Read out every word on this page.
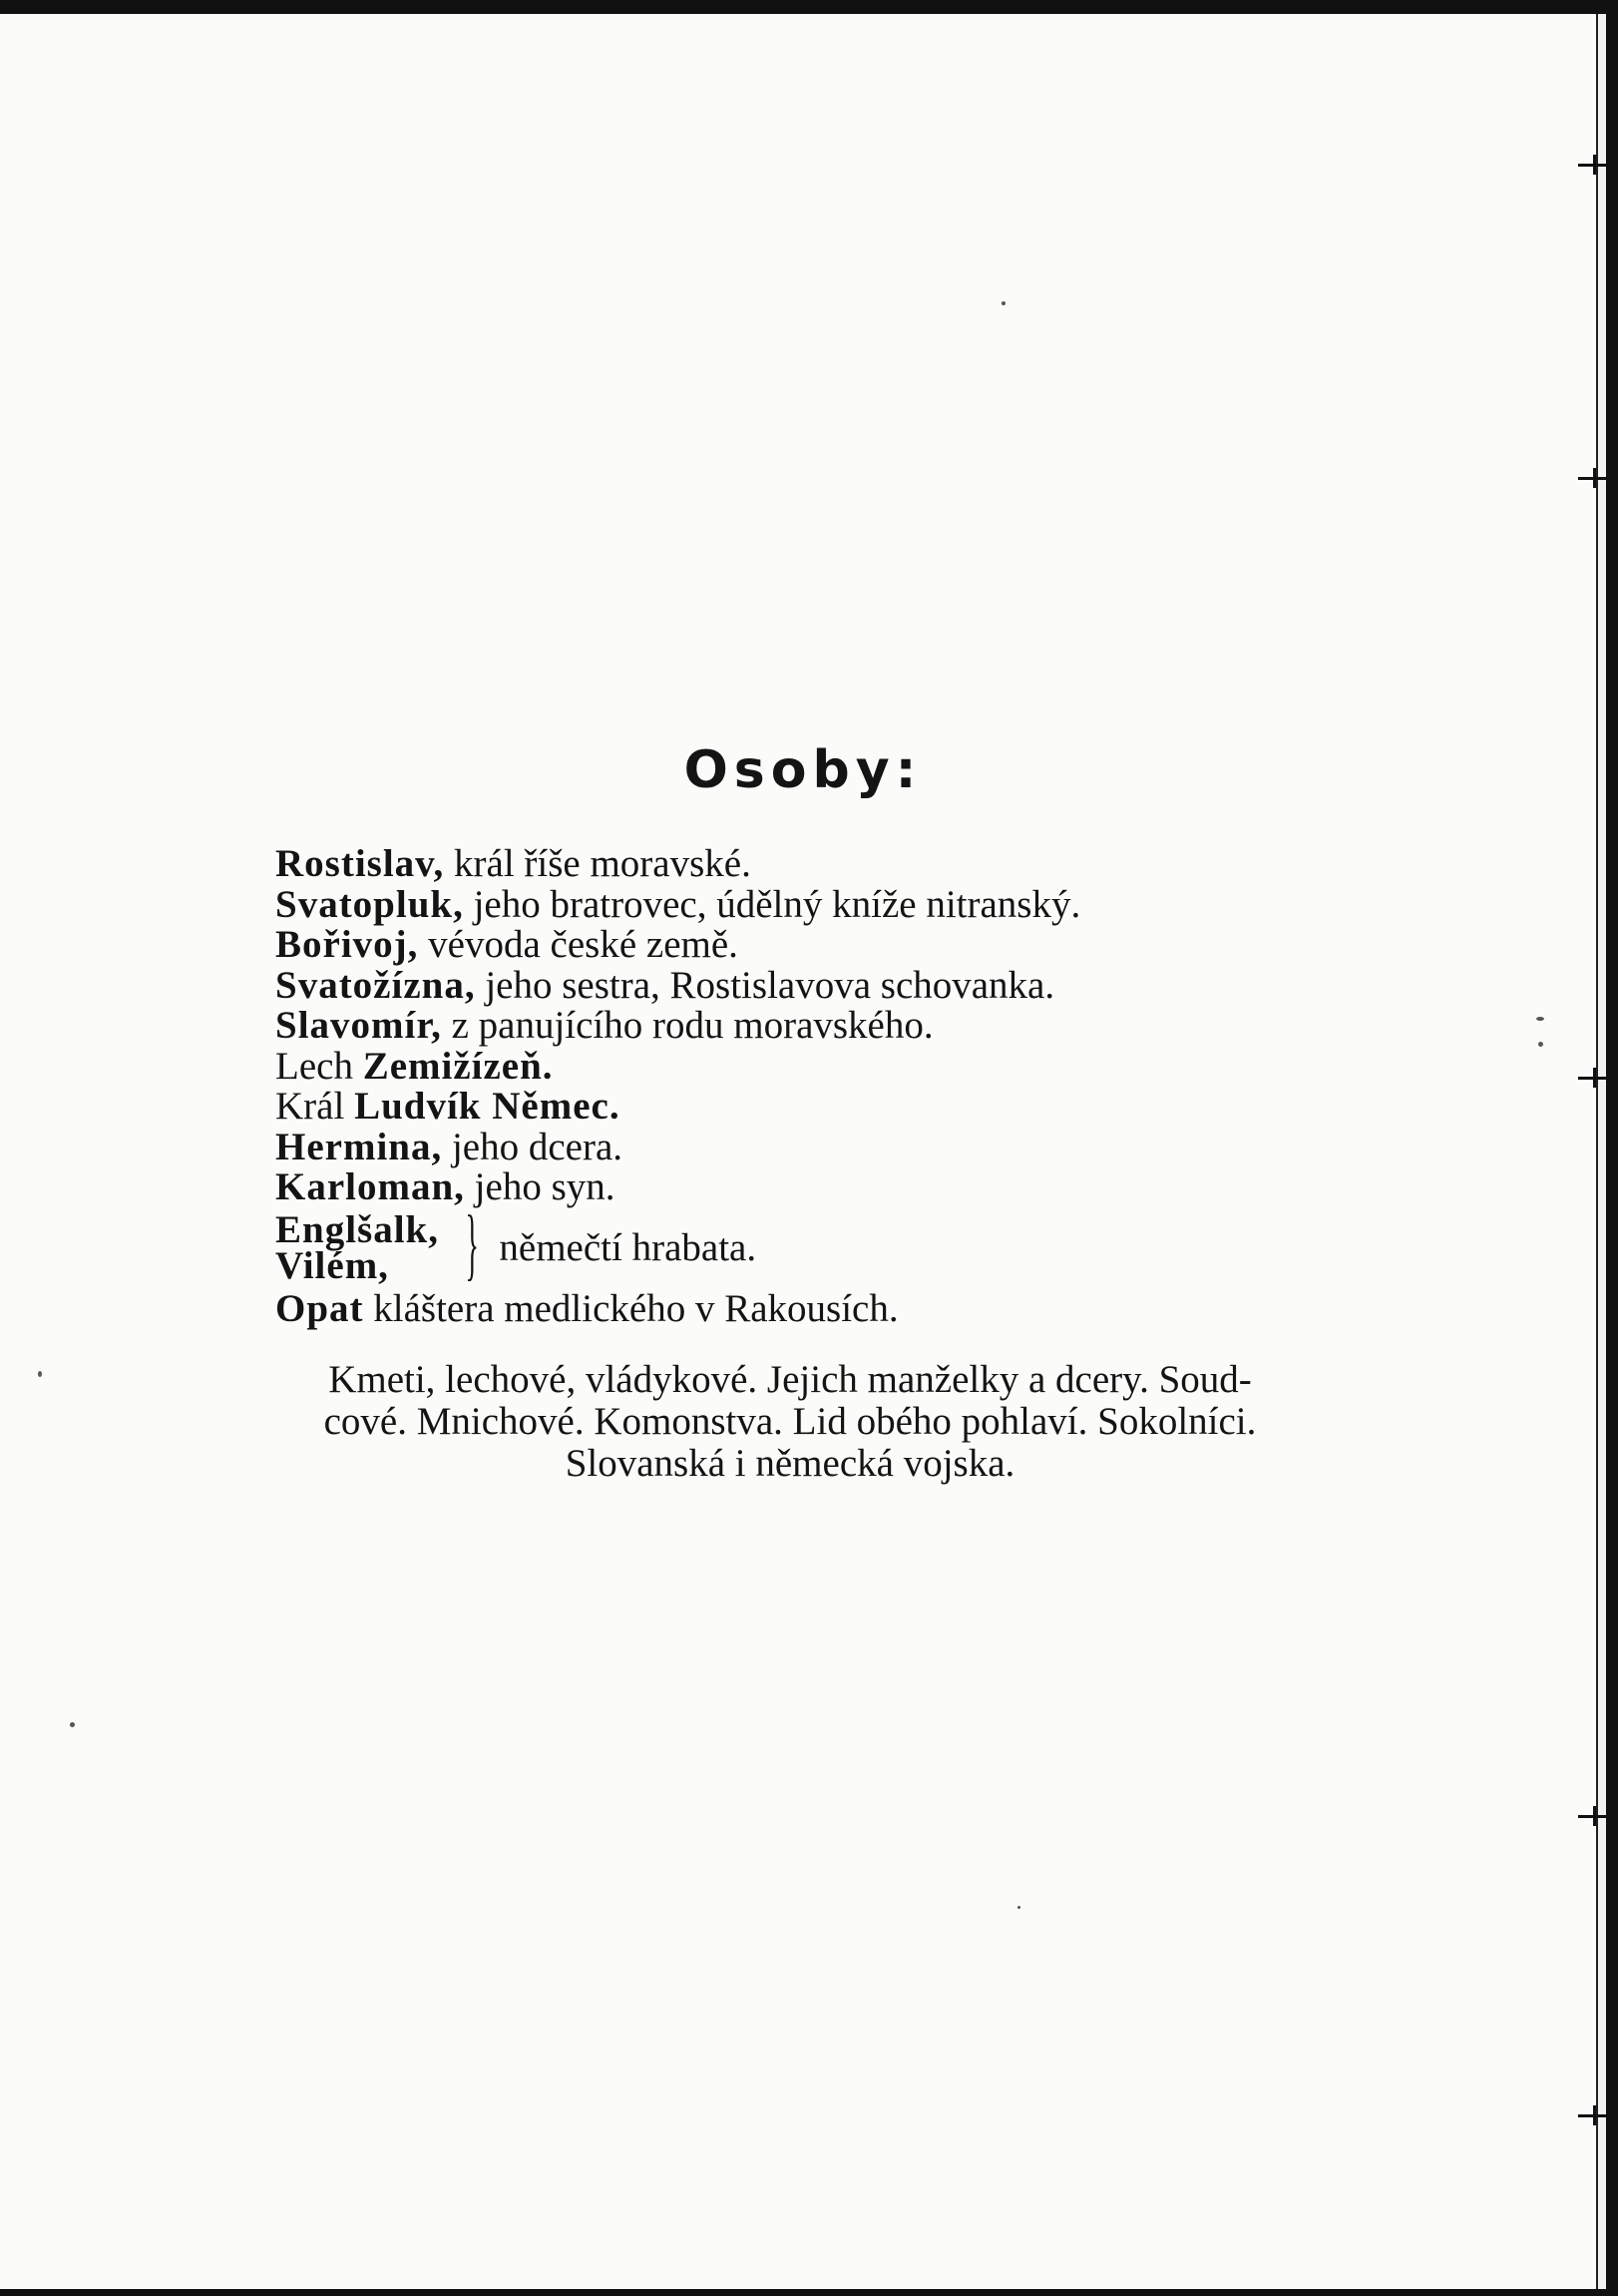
Osoby:
Rostislav, král říše moravské.
Svatopluk, jeho bratrovec, údělný kníže nitranský.
Bořivoj, vévoda české země.
Svatožízna, jeho sestra, Rostislavova schovanka.
Slavomír, z panujícího rodu moravského.
Lech Zemižízeň.
Král Ludvík Němec.
Hermina, jeho dcera.
Karloman, jeho syn.
Englšalk,
Vilém, } němečtí hrabata.
Opat kláštera medlického v Rakousích.

Kmeti, lechové, vládykové. Jejich manželky a dcery. Soud-
cové. Mnichové. Komonstva. Lid obého pohlaví. Sokolníci.
Slovanská i německá vojska.
